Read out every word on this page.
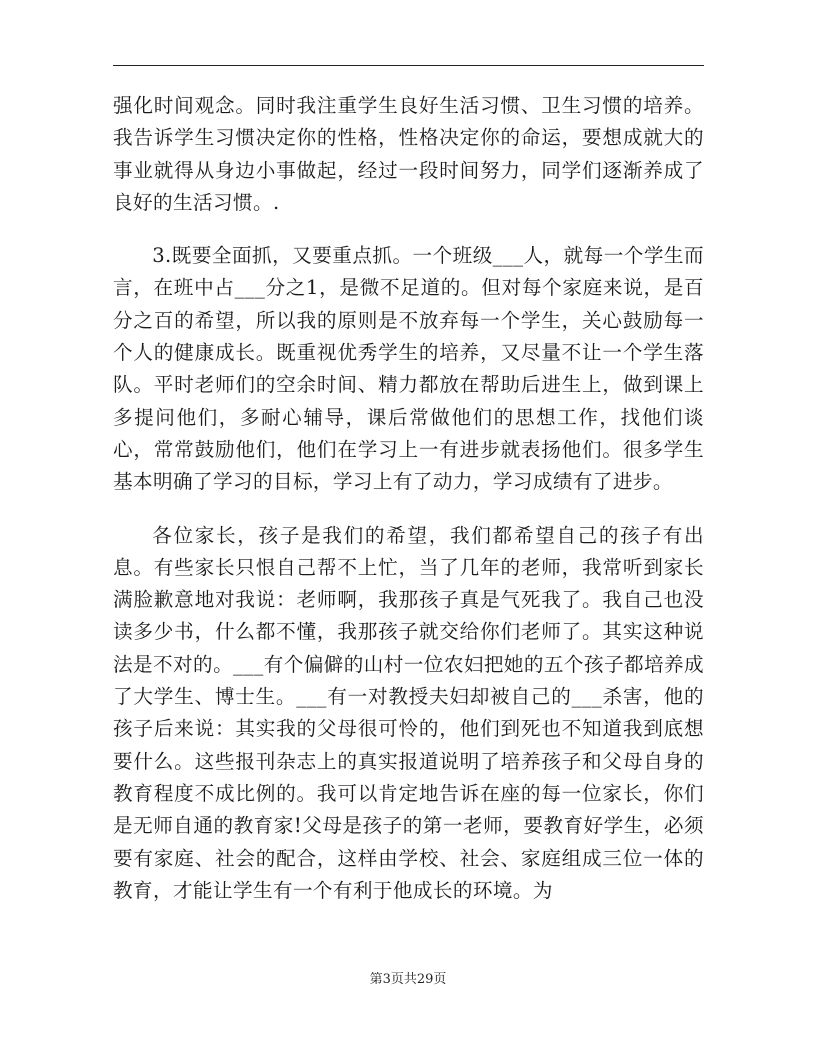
强化时间观念。同时我注重学生良好生活习惯、卫生习惯的培养。我告诉学生习惯决定你的性格，性格决定你的命运，要想成就大的事业就得从身边小事做起，经过一段时间努力，同学们逐渐养成了良好的生活习惯。.

3.既要全面抓，又要重点抓。一个班级___人，就每一个学生而言，在班中占___分之1，是微不足道的。但对每个家庭来说，是百分之百的希望，所以我的原则是不放弃每一个学生，关心鼓励每一个人的健康成长。既重视优秀学生的培养，又尽量不让一个学生落队。平时老师们的空余时间、精力都放在帮助后进生上，做到课上多提问他们，多耐心辅导，课后常做他们的思想工作，找他们谈心，常常鼓励他们，他们在学习上一有进步就表扬他们。很多学生基本明确了学习的目标，学习上有了动力，学习成绩有了进步。

各位家长，孩子是我们的希望，我们都希望自己的孩子有出息。有些家长只恨自己帮不上忙，当了几年的老师，我常听到家长满脸歉意地对我说：老师啊，我那孩子真是气死我了。我自己也没读多少书，什么都不懂，我那孩子就交给你们老师了。其实这种说法是不对的。___有个偏僻的山村一位农妇把她的五个孩子都培养成了大学生、博士生。___有一对教授夫妇却被自己的___杀害，他的孩子后来说：其实我的父母很可怜的，他们到死也不知道我到底想要什么。这些报刊杂志上的真实报道说明了培养孩子和父母自身的教育程度不成比例的。我可以肯定地告诉在座的每一位家长，你们是无师自通的教育家!父母是孩子的第一老师，要教育好学生，必须要有家庭、社会的配合，这样由学校、社会、家庭组成三位一体的教育，才能让学生有一个有利于他成长的环境。为

第3页共29页
